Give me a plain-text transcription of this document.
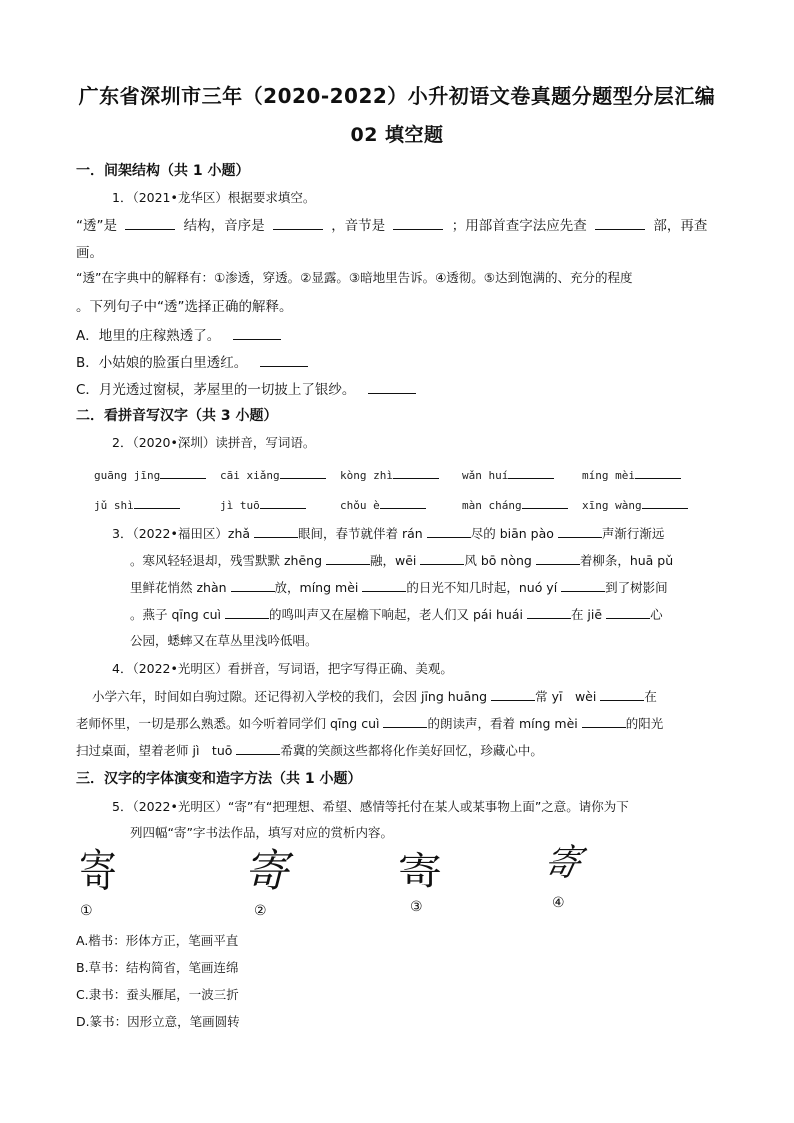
广东省深圳市三年（2020-2022）小升初语文卷真题分题型分层汇编
02 填空题
一．间架结构（共 1 小题）
1．（2021•龙华区）根据要求填空。
“透”是	结构，音序是	，音节是	；用部首查字法应先查	部，再查
画。
“透”在字典中的解释有：①渗透，穿透。②显露。③暗地里告诉。④透彻。⑤达到饱满的、充分的程度
。下列句子中“透”选择正确的解释。
A．地里的庄稼熟透了。
B．小姑娘的脸蛋白里透红。
C．月光透过窗棂，茅屋里的一切披上了银纱。
二．看拼音写汉字（共 3 小题）
2．（2020•深圳）读拼音，写词语。
guāng jīng	cāi xiǎng	kòng zhì	wǎn huí	míng mèi
jǔ shì	jì tuō	chǒu è	màn cháng	xīng wàng
3．（2022•福田区）zhǎ	眼间，春节就伴着 rán	尽的 biān pào	声渐行渐远
。寒风轻轻退却，残雪默默 zhēng	融，wēi	风 bō nòng	着柳条，huā pǔ
里鲜花悄然 zhàn	放，míng mèi	的日光不知几时起，nuó yí	到了树影间
。燕子 qīng cuì	的鸣叫声又在屋檐下响起，老人们又 pái huái	在 jiē	心
公园，蟋蟀又在草丛里浅吟低唱。
4．（2022•光明区）看拼音，写词语，把字写得正确、美观。
小学六年，时间如白驹过隙。还记得初入学校的我们，会因 jīng huāng	常 yī　wèi	在
老师怀里，一切是那么熟悉。如今听着同学们 qīng cuì	的朗读声，看着 míng mèi	的阳光
扫过桌面，望着老师 jì　tuō	希冀的笑颜这些都将化作美好回忆，珍藏心中。
三．汉字的字体演变和造字方法（共 1 小题）
5．（2022•光明区）“寄”有“把理想、希望、感情等托付在某人或某事物上面”之意。请你为下
列四幅“寄”字书法作品，填写对应的赏析内容。
寄	寄	寄	寄
①	②	③	④
A.楷书：形体方正，笔画平直
B.草书：结构简省，笔画连绵
C.隶书：蚕头雁尾，一波三折
D.篆书：因形立意，笔画圆转
